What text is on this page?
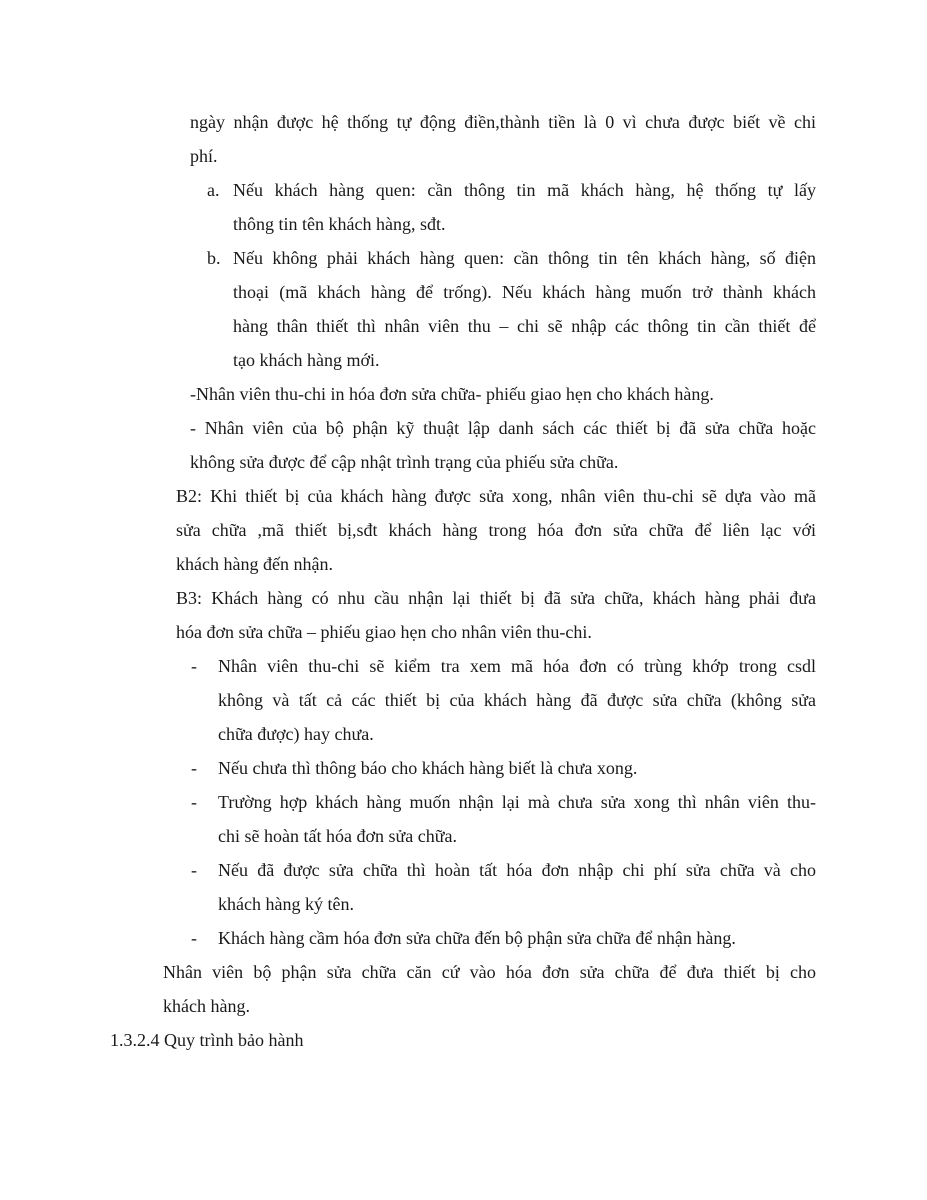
ngày nhận được hệ thống tự động điền,thành tiền là 0 vì chưa được biết về chi

phí.

a. Nếu khách hàng quen: cần thông tin mã khách hàng, hệ thống tự lấy

thông tin tên khách hàng, sđt.

b. Nếu không phải khách hàng quen: cần thông tin tên khách hàng, số điện

thoại (mã khách hàng để trống). Nếu khách hàng muốn trở thành khách

hàng thân thiết thì nhân viên thu – chi sẽ nhập các thông tin cần thiết để

tạo khách hàng mới.

-Nhân viên thu-chi in hóa đơn sửa chữa- phiếu giao hẹn cho khách hàng.

- Nhân viên của bộ phận kỹ thuật lập danh sách các thiết bị đã sửa chữa hoặc

không sửa được để cập nhật trình trạng của phiếu sửa chữa.

B2: Khi thiết bị của khách hàng được sửa xong, nhân viên thu-chi sẽ dựa vào mã

sửa chữa ,mã thiết bị,sđt khách hàng trong hóa đơn sửa chữa để liên lạc với

khách hàng đến nhận.

B3: Khách hàng có nhu cầu nhận lại thiết bị đã sửa chữa, khách hàng phải đưa

hóa đơn sửa chữa – phiếu giao hẹn cho nhân viên thu-chi.

- Nhân viên thu-chi sẽ kiểm tra xem mã hóa đơn có trùng khớp trong csdl

không và tất cả các thiết bị của khách hàng đã được sửa chữa (không sửa

chữa được) hay chưa.

- Nếu chưa thì thông báo cho khách hàng biết là chưa xong.

- Trường hợp khách hàng muốn nhận lại mà chưa sửa xong thì nhân viên thu-

chi sẽ hoàn tất hóa đơn sửa chữa.

- Nếu đã được sửa chữa thì hoàn tất hóa đơn nhập chi phí sửa chữa và cho

khách hàng ký tên.

- Khách hàng cầm hóa đơn sửa chữa đến bộ phận sửa chữa để nhận hàng.

Nhân viên bộ phận sửa chữa căn cứ vào hóa đơn sửa chữa để đưa thiết bị cho

khách hàng.

1.3.2.4 Quy trình bảo hành
